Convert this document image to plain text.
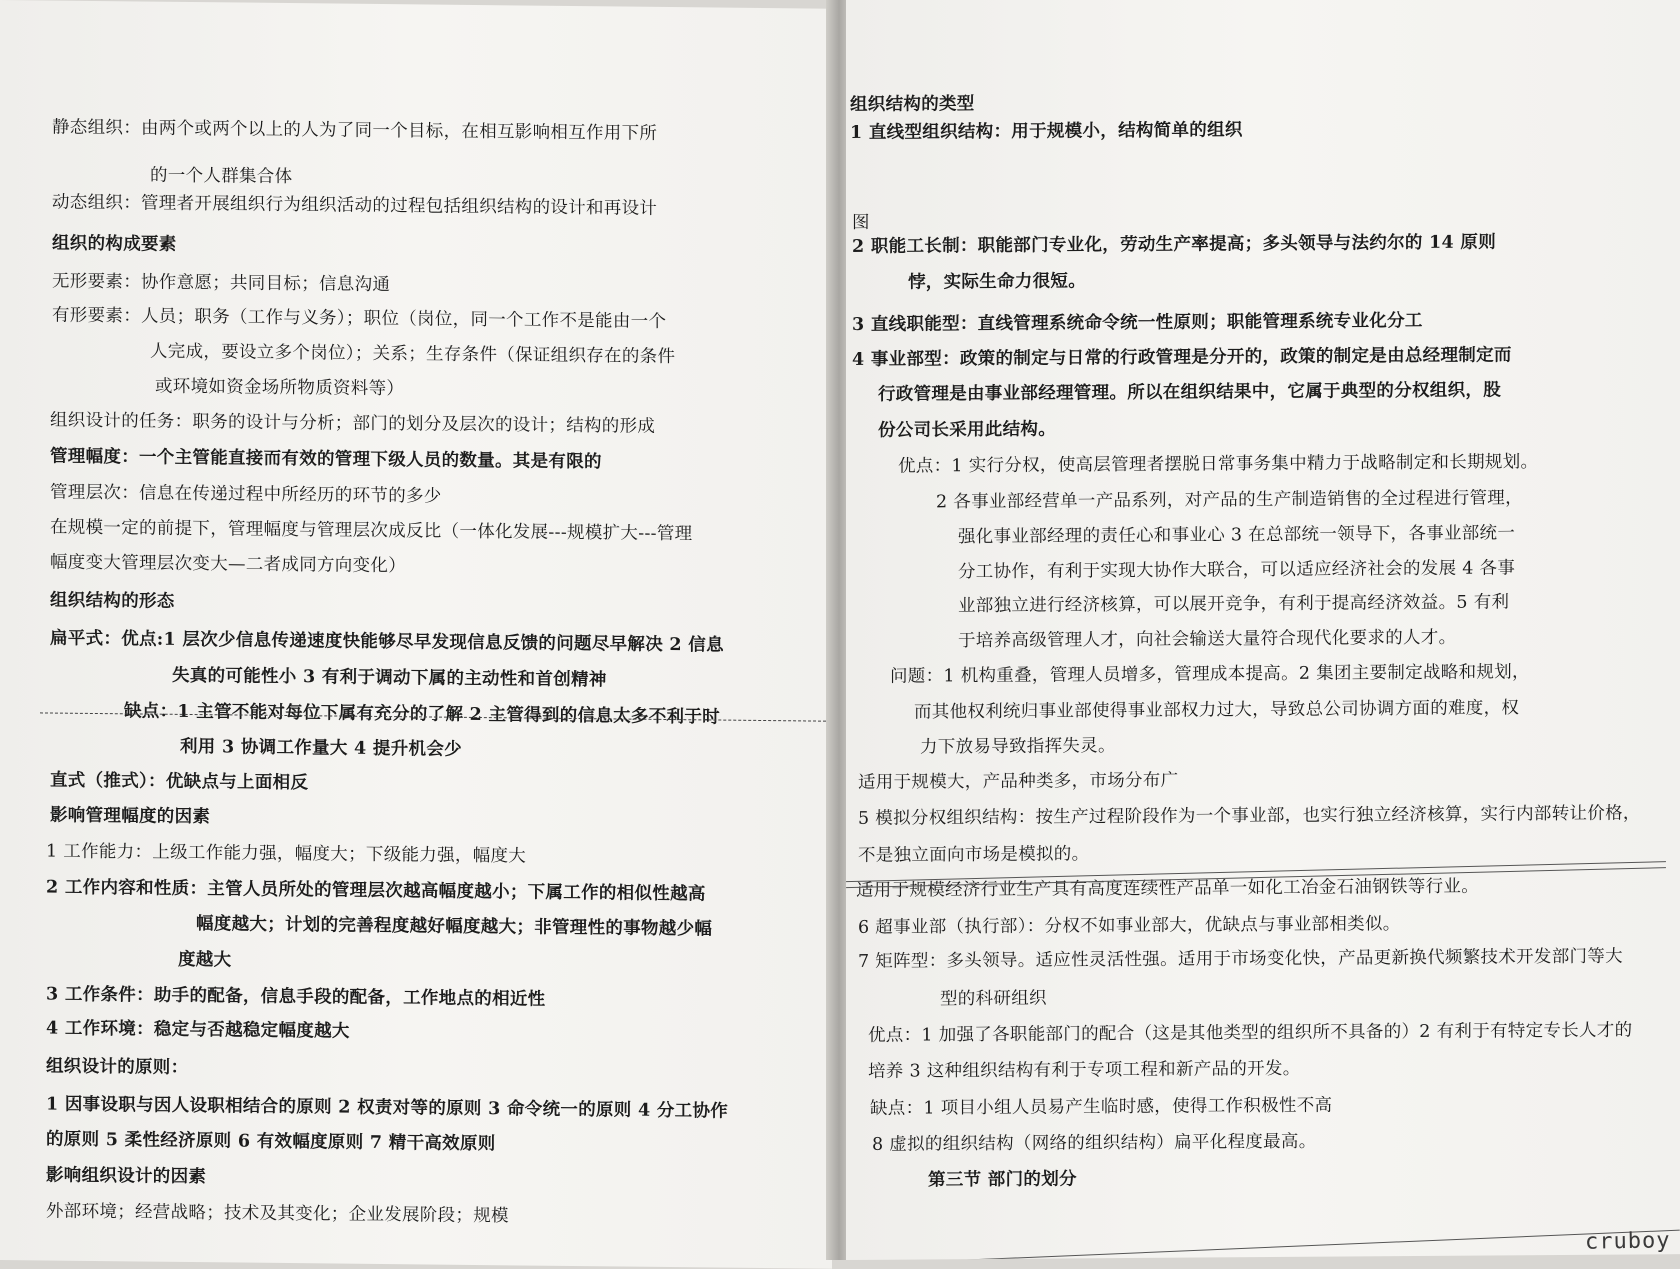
静态组织：由两个或两个以上的人为了同一个目标，在相互影响相互作用下所
的一个人群集合体
动态组织：管理者开展组织行为组织活动的过程包括组织结构的设计和再设计
组织的构成要素
无形要素：协作意愿；共同目标；信息沟通
有形要素：人员；职务（工作与义务）；职位（岗位，同一个工作不是能由一个
人完成，要设立多个岗位）；关系；生存条件（保证组织存在的条件
或环境如资金场所物质资料等）
组织设计的任务：职务的设计与分析；部门的划分及层次的设计；结构的形成
管理幅度：一个主管能直接而有效的管理下级人员的数量。其是有限的
管理层次：信息在传递过程中所经历的环节的多少
在规模一定的前提下，管理幅度与管理层次成反比（一体化发展---规模扩大---管理
幅度变大管理层次变大—二者成同方向变化）
组织结构的形态
扁平式：优点:1 层次少信息传递速度快能够尽早发现信息反馈的问题尽早解决 2 信息
失真的可能性小 3 有利于调动下属的主动性和首创精神
缺点：1 主管不能对每位下属有充分的了解 2 主管得到的信息太多不利于时
利用 3 协调工作量大 4 提升机会少
直式（推式）：优缺点与上面相反
影响管理幅度的因素
1 工作能力：上级工作能力强，幅度大；下级能力强，幅度大
2 工作内容和性质：主管人员所处的管理层次越高幅度越小；下属工作的相似性越高
幅度越大；计划的完善程度越好幅度越大；非管理性的事物越少幅
度越大
3 工作条件：助手的配备，信息手段的配备，工作地点的相近性
4 工作环境：稳定与否越稳定幅度越大
组织设计的原则：
1 因事设职与因人设职相结合的原则 2 权责对等的原则 3 命令统一的原则 4 分工协作
的原则 5 柔性经济原则 6 有效幅度原则 7 精干高效原则
影响组织设计的因素
外部环境；经营战略；技术及其变化；企业发展阶段；规模
组织结构的类型
1 直线型组织结构：用于规模小，结构简单的组织
图
2 职能工长制：职能部门专业化，劳动生产率提高；多头领导与法约尔的 14 原则
悖，实际生命力很短。
3 直线职能型：直线管理系统命令统一性原则；职能管理系统专业化分工
4 事业部型：政策的制定与日常的行政管理是分开的，政策的制定是由总经理制定而
行政管理是由事业部经理管理。所以在组织结果中，它属于典型的分权组织，股
份公司长采用此结构。
优点：1 实行分权，使高层管理者摆脱日常事务集中精力于战略制定和长期规划。
2 各事业部经营单一产品系列，对产品的生产制造销售的全过程进行管理，
强化事业部经理的责任心和事业心 3 在总部统一领导下，各事业部统一
分工协作，有利于实现大协作大联合，可以适应经济社会的发展 4 各事
业部独立进行经济核算，可以展开竞争，有利于提高经济效益。5 有利
于培养高级管理人才，向社会输送大量符合现代化要求的人才。
问题：1 机构重叠，管理人员增多，管理成本提高。2 集团主要制定战略和规划，
而其他权利统归事业部使得事业部权力过大，导致总公司协调方面的难度，权
力下放易导致指挥失灵。
适用于规模大，产品种类多，市场分布广
5 模拟分权组织结构：按生产过程阶段作为一个事业部，也实行独立经济核算，实行内部转让价格，
不是独立面向市场是模拟的。
适用于规模经济行业生产具有高度连续性产品单一如化工冶金石油钢铁等行业。
6 超事业部（执行部）：分权不如事业部大，优缺点与事业部相类似。
7 矩阵型：多头领导。适应性灵活性强。适用于市场变化快，产品更新换代频繁技术开发部门等大
型的科研组织
优点：1 加强了各职能部门的配合（这是其他类型的组织所不具备的）2 有利于有特定专长人才的
培养 3 这种组织结构有利于专项工程和新产品的开发。
缺点：1 项目小组人员易产生临时感，使得工作积极性不高
8 虚拟的组织结构（网络的组织结构）扁平化程度最高。
第三节 部门的划分
cruboy
